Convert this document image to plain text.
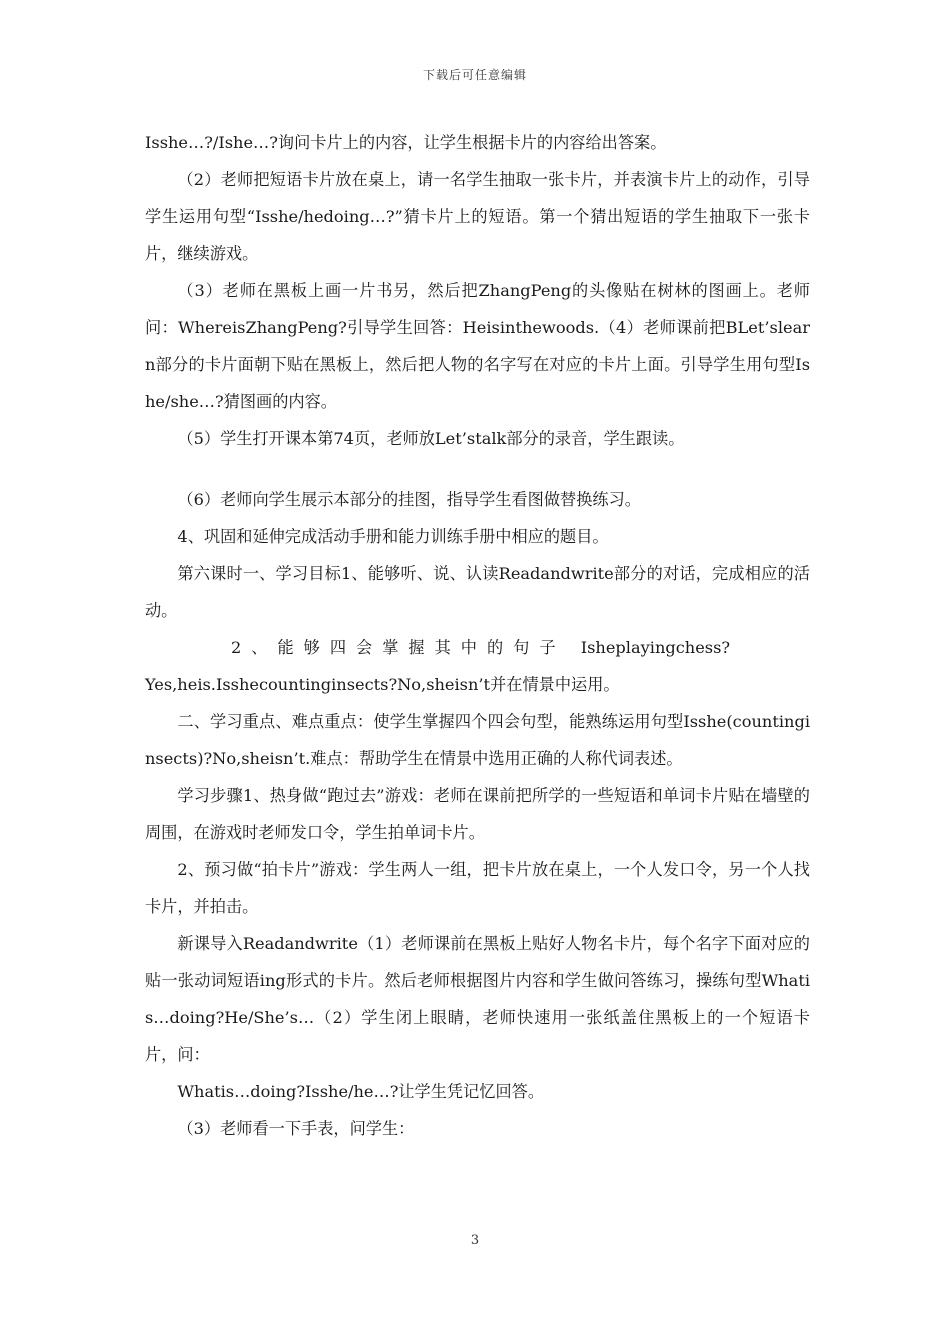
下载后可任意编辑

Isshe…?/Ishe…?询问卡片上的内容，让学生根据卡片的内容给出答案。

（2）老师把短语卡片放在桌上，请一名学生抽取一张卡片，并表演卡片上的动作，引导学生运用句型“Isshe/hedoing…?”猜卡片上的短语。第一个猜出短语的学生抽取下一张卡片，继续游戏。

（3）老师在黑板上画一片书另，然后把ZhangPeng的头像贴在树林的图画上。老师问：WhereisZhangPeng?引导学生回答：Heisinthewoods.（4）老师课前把BLet’slearn部分的卡片面朝下贴在黑板上，然后把人物的名字写在对应的卡片上面。引导学生用句型Ishe/she…?猜图画的内容。

（5）学生打开课本第74页，老师放Let’stalk部分的录音，学生跟读。

（6）老师向学生展示本部分的挂图，指导学生看图做替换练习。

4、巩固和延伸完成活动手册和能力训练手册中相应的题目。

第六课时一、学习目标1、能够听、说、认读Readandwrite部分的对话，完成相应的活动。

2、能够四会掌握其中的句子 Isheplayingchess?

Yes,heis.Isshecountinginsects?No,sheisn’t并在情景中运用。

二、学习重点、难点重点：使学生掌握四个四会句型，能熟练运用句型Isshe(countinginsects)?No,sheisn’t.难点：帮助学生在情景中选用正确的人称代词表述。

学习步骤1、热身做“跑过去”游戏：老师在课前把所学的一些短语和单词卡片贴在墙壁的周围，在游戏时老师发口令，学生拍单词卡片。

2、预习做“拍卡片”游戏：学生两人一组，把卡片放在桌上，一个人发口令，另一个人找卡片，并拍击。

新课导入Readandwrite（1）老师课前在黑板上贴好人物名卡片，每个名字下面对应的贴一张动词短语ing形式的卡片。然后老师根据图片内容和学生做问答练习，操练句型Whatis…doing?He/She’s…（2）学生闭上眼睛，老师快速用一张纸盖住黑板上的一个短语卡片，问：

Whatis…doing?Isshe/he…?让学生凭记忆回答。

（3）老师看一下手表，问学生：

3
